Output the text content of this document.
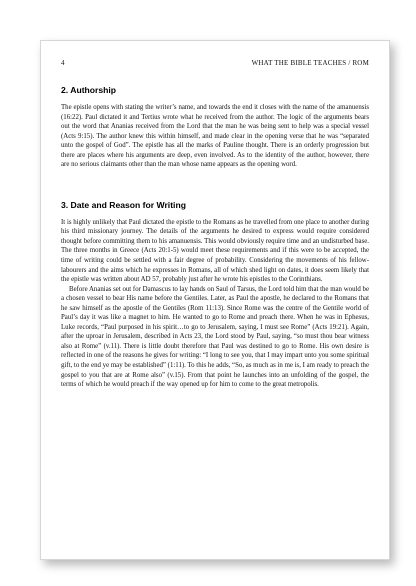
4	WHAT THE BIBLE TEACHES / ROM
2. Authorship

The epistle opens with stating the writer’s name, and towards the end it closes with the name of the amanuensis (16:22). Paul dictated it and Tertius wrote what he received from the author. The logic of the arguments bears out the word that Ananias received from the Lord that the man he was being sent to help was a special vessel (Acts 9:15). The author knew this within himself, and made clear in the opening verse that he was “separated unto the gospel of God”. The epistle has all the marks of Pauline thought. There is an orderly progression but there are places where his arguments are deep, even involved. As to the identity of the author, however, there are no serious claimants other than the man whose name appears as the opening word.

3. Date and Reason for Writing

It is highly unlikely that Paul dictated the epistle to the Romans as he travelled from one place to another during his third missionary journey. The details of the arguments he desired to express would require considered thought before committing them to his amanuensis. This would obviously require time and an undisturbed base. The three months in Greece (Acts 20:1-5) would meet these requirements and if this were to be accepted, the time of writing could be settled with a fair degree of probability. Considering the movements of his fellow-labourers and the aims which he expresses in Romans, all of which shed light on dates, it does seem likely that the epistle was written about AD 57, probably just after he wrote his epistles to the Corinthians.

Before Ananias set out for Damascus to lay hands on Saul of Tarsus, the Lord told him that the man would be a chosen vessel to bear His name before the Gentiles. Later, as Paul the apostle, he declared to the Romans that he saw himself as the apostle of the Gentiles (Rom 11:13). Since Rome was the centre of the Gentile world of Paul’s day it was like a magnet to him. He wanted to go to Rome and preach there. When he was in Ephesus, Luke records, “Paul purposed in his spirit…to go to Jerusalem, saying, I must see Rome” (Acts 19:21). Again, after the uproar in Jerusalem, described in Acts 23, the Lord stood by Paul, saying, “so must thou bear witness also at Rome” (v.11). There is little doubt therefore that Paul was destined to go to Rome. His own desire is reflected in one of the reasons he gives for writing: “I long to see you, that I may impart unto you some spiritual gift, to the end ye may be established” (1:11). To this he adds, “So, as much as in me is, I am ready to preach the gospel to you that are at Rome also” (v.15). From that point he launches into an unfolding of the gospel, the terms of which he would preach if the way opened up for him to come to the great metropolis.
